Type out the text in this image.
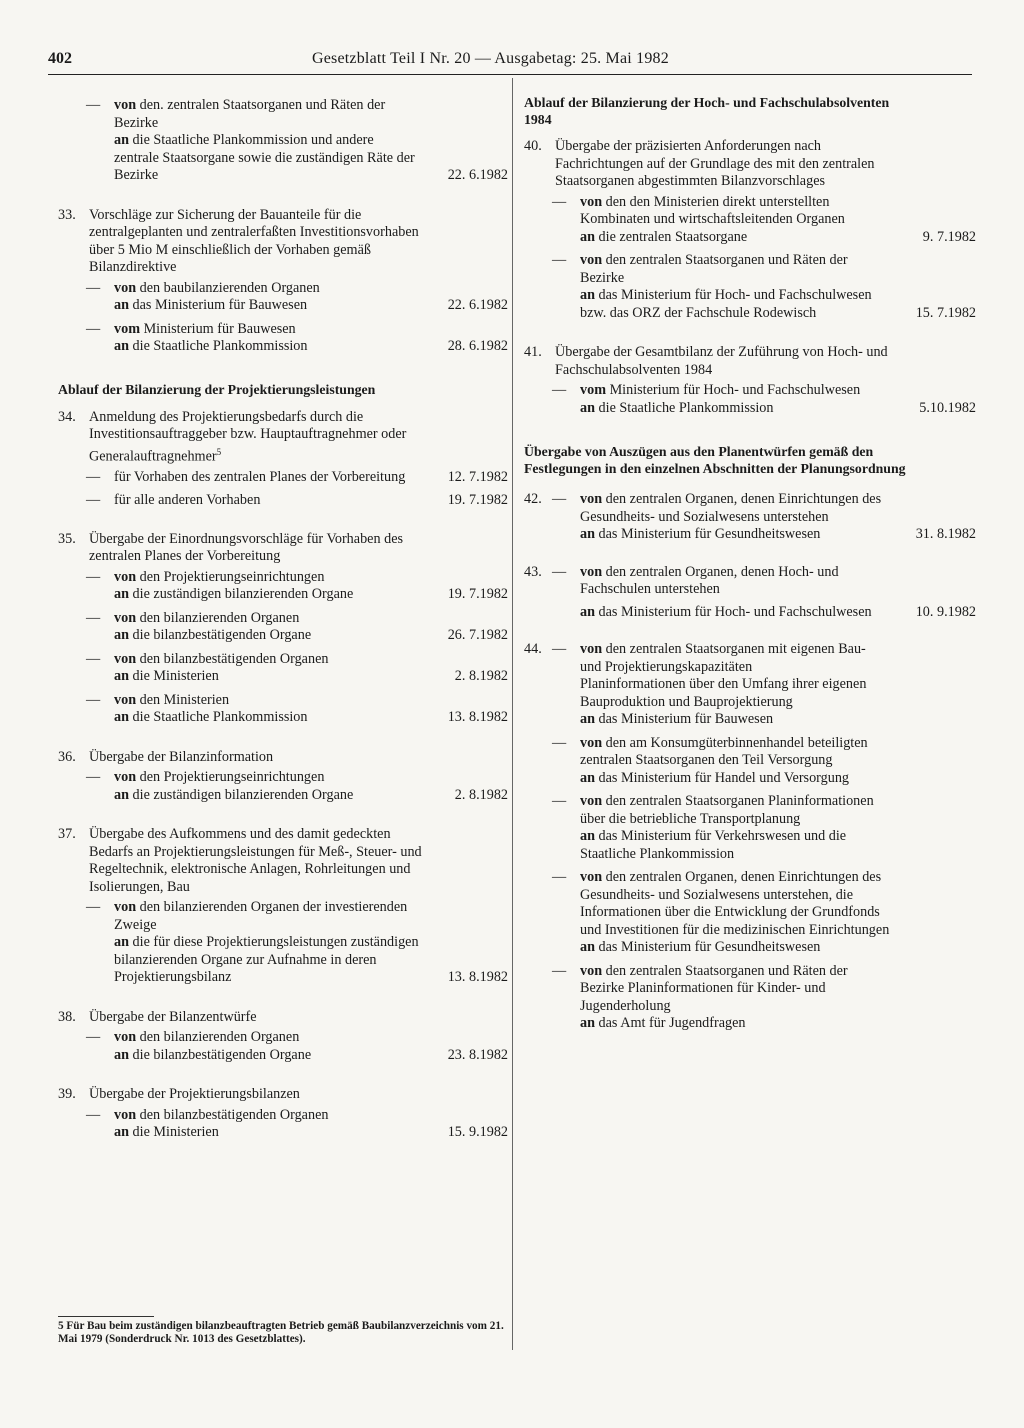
402	Gesetzblatt Teil I Nr. 20 — Ausgabetag: 25. Mai 1982
— von den. zentralen Staatsorganen und Räten der Bezirke
an die Staatliche Plankommission und andere zentrale Staatsorgane sowie die zuständigen Räte der Bezirke	22. 6.1982
33. Vorschläge zur Sicherung der Bauanteile für die zentralgeplanten und zentralerfaßten Investitionsvorhaben über 5 Mio M einschließlich der Vorhaben gemäß Bilanzdirektive
— von den baubilanzierenden Organen
an das Ministerium für Bauwesen	22. 6.1982
— vom Ministerium für Bauwesen
an die Staatliche Plankommission	28. 6.1982
Ablauf der Bilanzierung der Projektierungsleistungen
34. Anmeldung des Projektierungsbedarfs durch die Investitionsauftraggeber bzw. Hauptauftragnehmer oder Generalauftragnehmer$^5$
— für Vorhaben des zentralen Planes der Vorbereitung	12. 7.1982
— für alle anderen Vorhaben	19. 7.1982
35. Übergabe der Einordnungsvorschläge für Vorhaben des zentralen Planes der Vorbereitung
— von den Projektierungseinrichtungen
an die zuständigen bilanzierenden Organe	19. 7.1982
— von den bilanzierenden Organen
an die bilanzbestätigenden Organe	26. 7.1982
— von den bilanzbestätigenden Organen
an die Ministerien	2. 8.1982
— von den Ministerien
an die Staatliche Plankommission	13. 8.1982
36. Übergabe der Bilanzinformation
— von den Projektierungseinrichtungen
an die zuständigen bilanzierenden Organe	2. 8.1982
37. Übergabe des Aufkommens und des damit gedeckten Bedarfs an Projektierungsleistungen für Meß-, Steuer- und Regeltechnik, elektronische Anlagen, Rohrleitungen und Isolierungen, Bau
— von den bilanzierenden Organen der investierenden Zweige
an die für diese Projektierungsleistungen zuständigen bilanzierenden Organe zur Aufnahme in deren Projektierungsbilanz	13. 8.1982
38. Übergabe der Bilanzentwürfe
— von den bilanzierenden Organen
an die bilanzbestätigenden Organe	23. 8.1982
39. Übergabe der Projektierungsbilanzen
— von den bilanzbestätigenden Organen
an die Ministerien	15. 9.1982
5 Für Bau beim zuständigen bilanzbeauftragten Betrieb gemäß Baubilanzverzeichnis vom 21. Mai 1979 (Sonderdruck Nr. 1013 des Gesetzblattes).
Ablauf der Bilanzierung der Hoch- und Fachschulabsolventen 1984
40. Übergabe der präzisierten Anforderungen nach Fachrichtungen auf der Grundlage des mit den zentralen Staatsorganen abgestimmten Bilanzvorschlages
— von den den Ministerien direkt unterstellten Kombinaten und wirtschaftsleitenden Organen
an die zentralen Staatsorgane	9. 7.1982
— von den zentralen Staatsorganen und Räten der Bezirke
an das Ministerium für Hoch- und Fachschulwesen bzw. das ORZ der Fachschule Rodewisch	15. 7.1982
41. Übergabe der Gesamtbilanz der Zuführung von Hoch- und Fachschulabsolventen 1984
— vom Ministerium für Hoch- und Fachschulwesen
an die Staatliche Plankommission	5.10.1982
Übergabe von Auszügen aus den Planentwürfen gemäß den Festlegungen in den einzelnen Abschnitten der Planungsordnung
42. — von den zentralen Organen, denen Einrichtungen des Gesundheits- und Sozialwesens unterstehen
an das Ministerium für Gesundheitswesen	31. 8.1982
43. — von den zentralen Organen, denen Hoch- und Fachschulen unterstehen
an das Ministerium für Hoch- und Fachschulwesen	10. 9.1982
44. — von den zentralen Staatsorganen mit eigenen Bau- und Projektierungskapazitäten
Planinformationen über den Umfang ihrer eigenen Bauproduktion und Bauprojektierung
an das Ministerium für Bauwesen
— von den am Konsumgüterbinnenhandel beteiligten zentralen Staatsorganen den Teil Versorgung
an das Ministerium für Handel und Versorgung
— von den zentralen Staatsorganen Planinformationen über die betriebliche Transportplanung
an das Ministerium für Verkehrswesen und die Staatliche Plankommission
— von den zentralen Organen, denen Einrichtungen des Gesundheits- und Sozialwesens unterstehen, die Informationen über die Entwicklung der Grundfonds und Investitionen für die medizinischen Einrichtungen
an das Ministerium für Gesundheitswesen
— von den zentralen Staatsorganen und Räten der Bezirke Planinformationen für Kinder- und Jugenderholung
an das Amt für Jugendfragen
